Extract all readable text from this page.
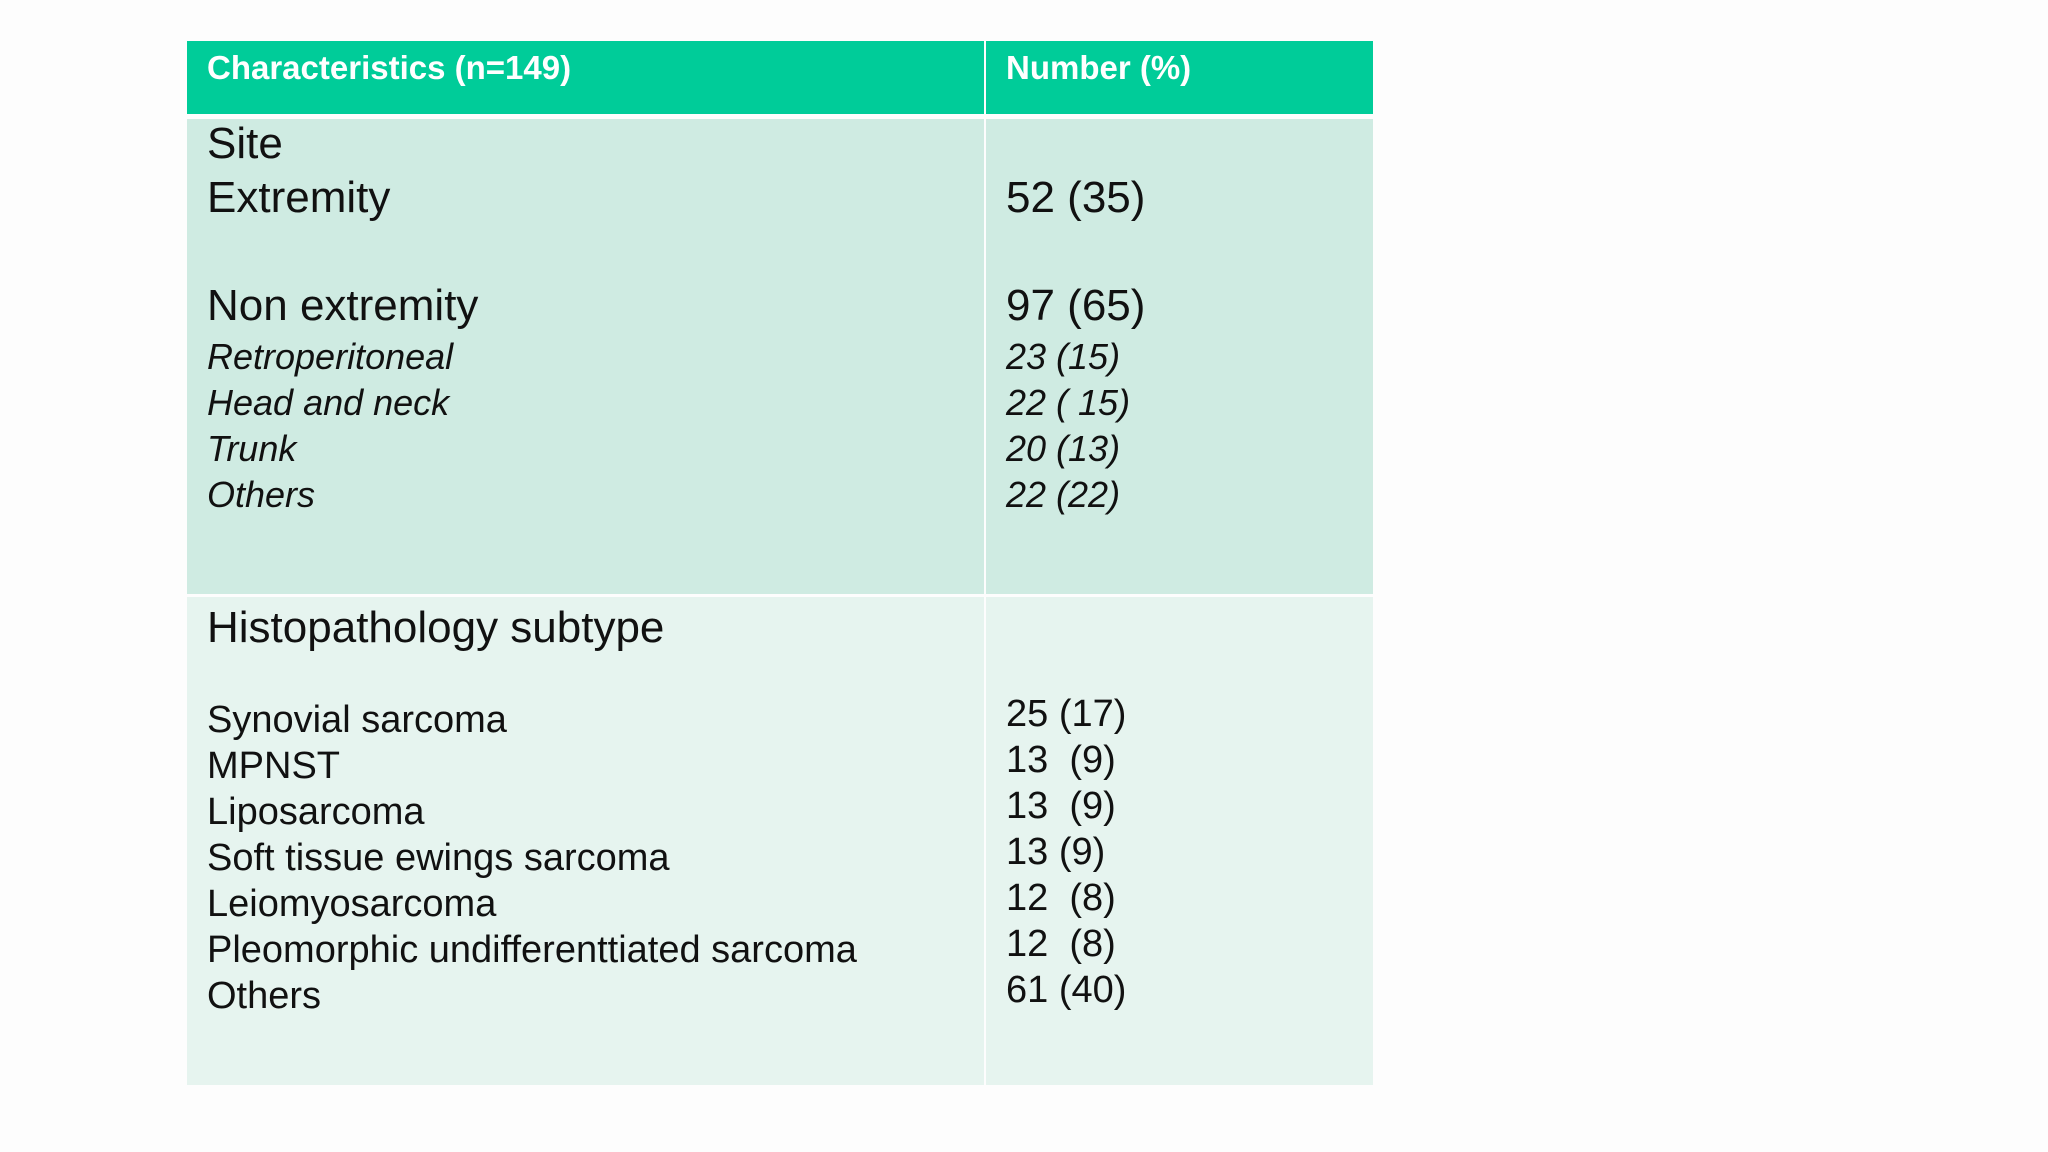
Characteristics (n=149)	Number (%)
Site
Extremity
Non extremity
Retroperitoneal
Head and neck
Trunk
Others
52 (35)
97 (65)
23 (15)
22 ( 15)
20 (13)
22 (22)
Histopathology subtype
Synovial sarcoma
MPNST
Liposarcoma
Soft tissue ewings sarcoma
Leiomyosarcoma
Pleomorphic undifferenttiated sarcoma
Others
25 (17)
13  (9)
13  (9)
13 (9)
12  (8)
12  (8)
61 (40)
